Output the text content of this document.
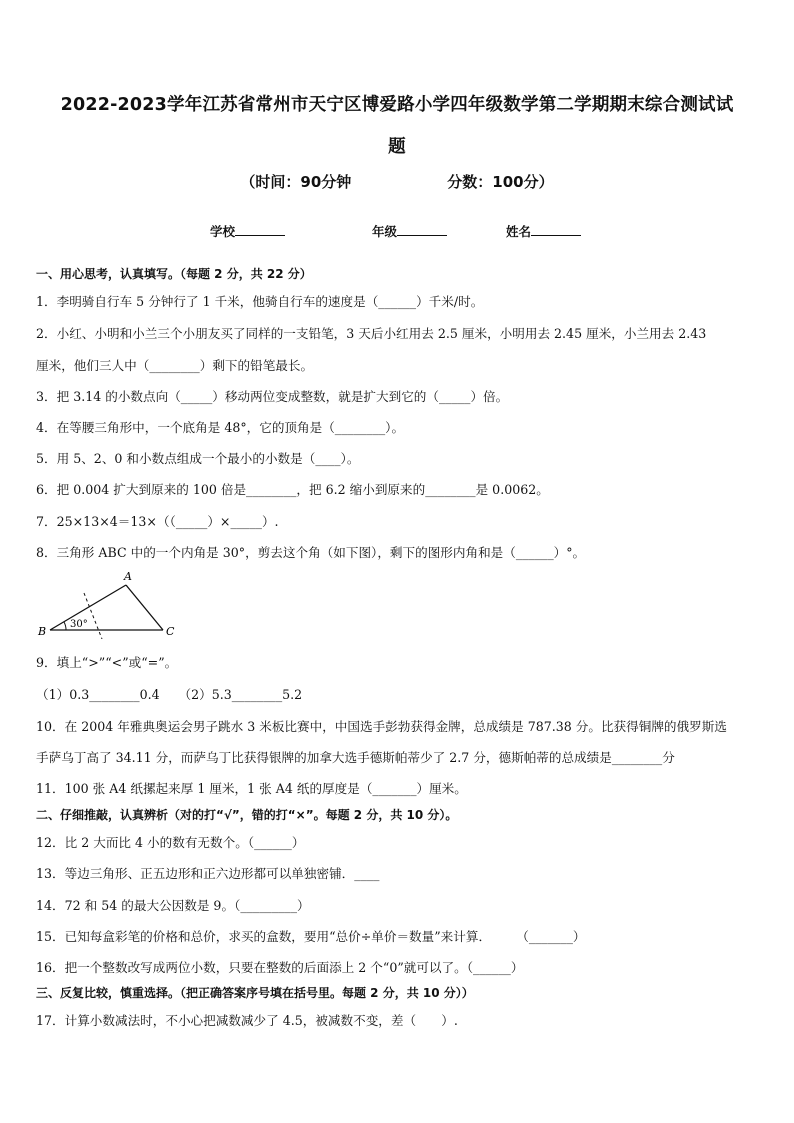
2022-2023学年江苏省常州市天宁区博爱路小学四年级数学第二学期期末综合测试试
题
（时间：90分钟	分数：100分）
学校	年级	姓名
一、用心思考，认真填写。（每题 2 分，共 22 分）
1．李明骑自行车 5 分钟行了 1 千米，他骑自行车的速度是（______）千米/时。
2．小红、小明和小兰三个小朋友买了同样的一支铅笔，3 天后小红用去 2.5 厘米，小明用去 2.45 厘米，小兰用去 2.43
厘米，他们三人中（________）剩下的铅笔最长。
3．把 3.14 的小数点向（_____）移动两位变成整数，就是扩大到它的（_____）倍。
4．在等腰三角形中，一个底角是 48°，它的顶角是（________）。
5．用 5、2、0 和小数点组成一个最小的小数是（____）。
6．把 0.004 扩大到原来的 100 倍是________，把 6.2 缩小到原来的________是 0.0062。
7．25×13×4＝13×（（_____）×_____）.
8．三角形 ABC 中的一个内角是 30°，剪去这个角（如下图），剩下的图形内角和是（______）°。
A
B	C
30°
9．填上“>”“<”或“=”。
（1）0.3________0.4　　（2）5.3________5.2
10．在 2004 年雅典奥运会男子跳水 3 米板比赛中，中国选手彭勃获得金牌，总成绩是 787.38 分。比获得铜牌的俄罗斯选
手萨乌丁高了 34.11 分，而萨乌丁比获得银牌的加拿大选手德斯帕蒂少了 2.7 分，德斯帕蒂的总成绩是________分
11．100 张 A4 纸摞起来厚 1 厘米，1 张 A4 纸的厚度是（_______）厘米。
二、仔细推敲，认真辨析（对的打“√”，错的打“×”。每题 2 分，共 10 分）。
12．比 2 大而比 4 小的数有无数个。（______）
13．等边三角形、正五边形和正六边形都可以单独密铺．____
14．72 和 54 的最大公因数是 9。（_________）
15．已知每盒彩笔的价格和总价，求买的盒数，要用“总价÷单价＝数量”来计算．　　　（_______）
16．把一个整数改写成两位小数，只要在整数的后面添上 2 个“0”就可以了。（______）
三、反复比较，慎重选择。（把正确答案序号填在括号里。每题 2 分，共 10 分））
17．计算小数减法时，不小心把减数减少了 4.5，被减数不变，差（　　）.
